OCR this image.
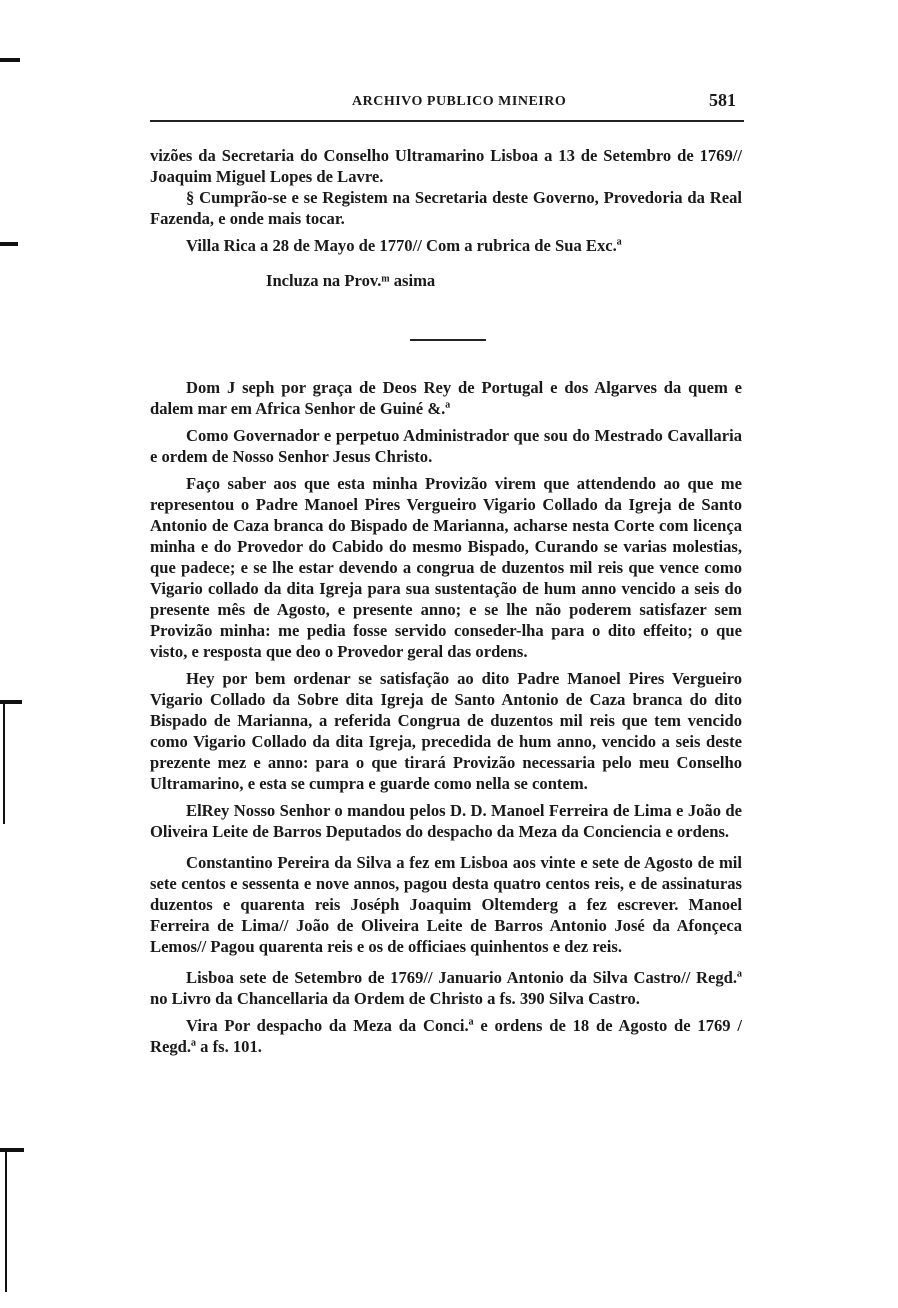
ARCHIVO PUBLICO MINEIRO	581

vizões da Secretaria do Conselho Ultramarino Lisboa a 13 de Setembro de 1769// Joaquim Miguel Lopes de Lavre.

§ Cumprão-se e se Registem na Secretaria deste Governo, Provedoria da Real Fazenda, e onde mais tocar.

Villa Rica a 28 de Mayo de 1770// Com a rubrica de Sua Exc.ª

Incluza na Prov.ᵐ asima

Dom J seph por graça de Deos Rey de Portugal e dos Algarves da quem e dalem mar em Africa Senhor de Guiné &.ª

Como Governador e perpetuo Administrador que sou do Mestrado Cavallaria e ordem de Nosso Senhor Jesus Christo.

Faço saber aos que esta minha Provizão virem que attendendo ao que me representou o Padre Manoel Pires Vergueiro Vigario Collado da Igreja de Santo Antonio de Caza branca do Bispado de Marianna, acharse nesta Corte com licença minha e do Provedor do Cabido do mesmo Bispado, Curando se varias molestias, que padece; e se lhe estar devendo a congrua de duzentos mil reis que vence como Vigario collado da dita Igreja para sua sustentação de hum anno vencido a seis do presente mês de Agosto, e presente anno; e se lhe não poderem satisfazer sem Provizão minha: me pedia fosse servido conseder-lha para o dito effeito; o que visto, e resposta que deo o Provedor geral das ordens.

Hey por bem ordenar se satisfação ao dito Padre Manoel Pires Vergueiro Vigario Collado da Sobre dita Igreja de Santo Antonio de Caza branca do dito Bispado de Marianna, a referida Congrua de duzentos mil reis que tem vencido como Vigario Collado da dita Igreja, precedida de hum anno, vencido a seis deste prezente mez e anno: para o que tirará Provizão necessaria pelo meu Conselho Ultramarino, e esta se cumpra e guarde como nella se contem.

ElRey Nosso Senhor o mandou pelos D. D. Manoel Ferreira de Lima e João de Oliveira Leite de Barros Deputados do despacho da Meza da Concienciа e ordens.

Constantino Pereira da Silva a fez em Lisboa aos vinte e sete de Agosto de mil sete centos e sessenta e nove annos, pagou desta quatro centos reis, e de assinaturas duzentos e quarenta reis Joséph Joaquim Oltemderg a fez escrever. Manoel Ferreira de Lima// João de Oliveira Leite de Barros Antonio José da Afonçeca Lemos// Pagou quarenta reis e os de officiaes quinhentos e dez reis.

Lisboa sete de Setembro de 1769// Januario Antonio da Silva Castro// Regd.ª no Livro da Chancellaria da Ordem de Christo a fs. 390 Silva Castro.

Vira Por despacho da Meza da Conci.ª e ordens de 18 de Agosto de 1769 / Regd.ª a fs. 101.
